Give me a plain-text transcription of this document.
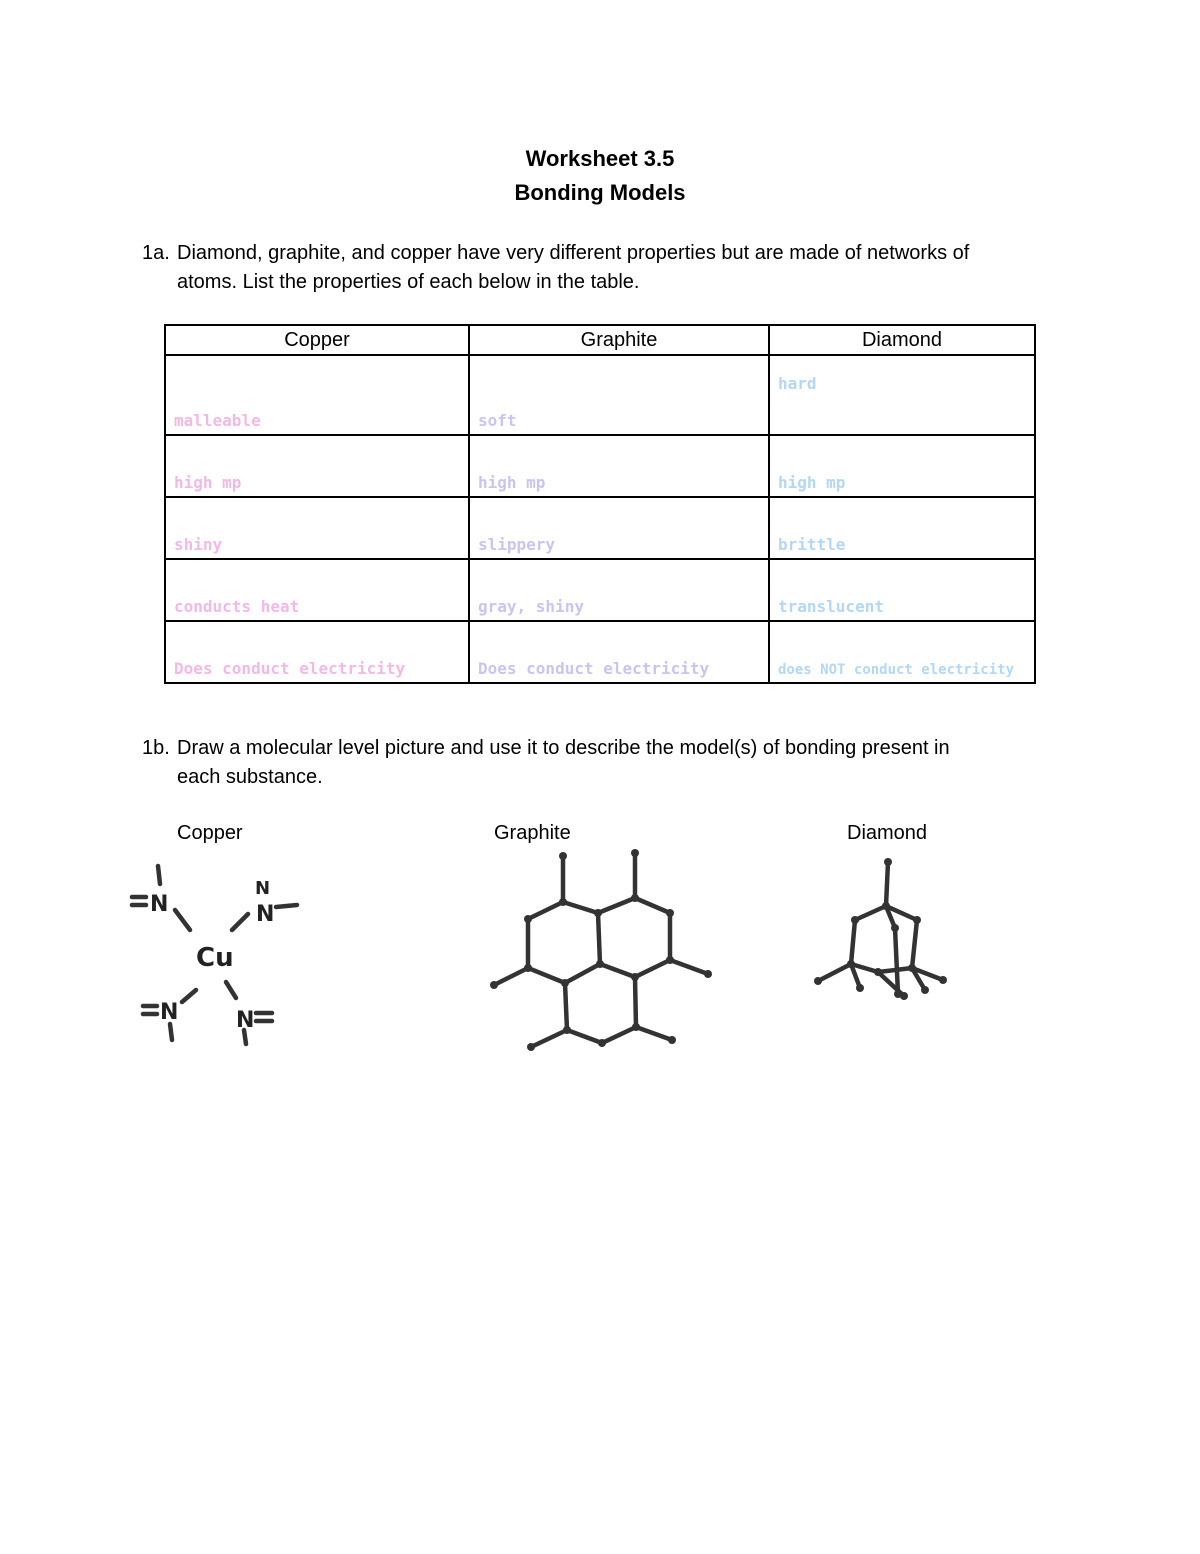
Worksheet 3.5
Bonding Models
1a. Diamond, graphite, and copper have very different properties but are made of networks of
atoms. List the properties of each below in the table.
Copper	Graphite	Diamond
malleable	soft	hard
high mp	high mp	high mp
shiny	slippery	brittle
conducts heat	gray, shiny	translucent
Does conduct electricity	Does conduct electricity	does NOT conduct electricity
1b. Draw a molecular level picture and use it to describe the model(s) of bonding present in
each substance.
Copper	Graphite	Diamond
Cu
N	N
N
N	N
